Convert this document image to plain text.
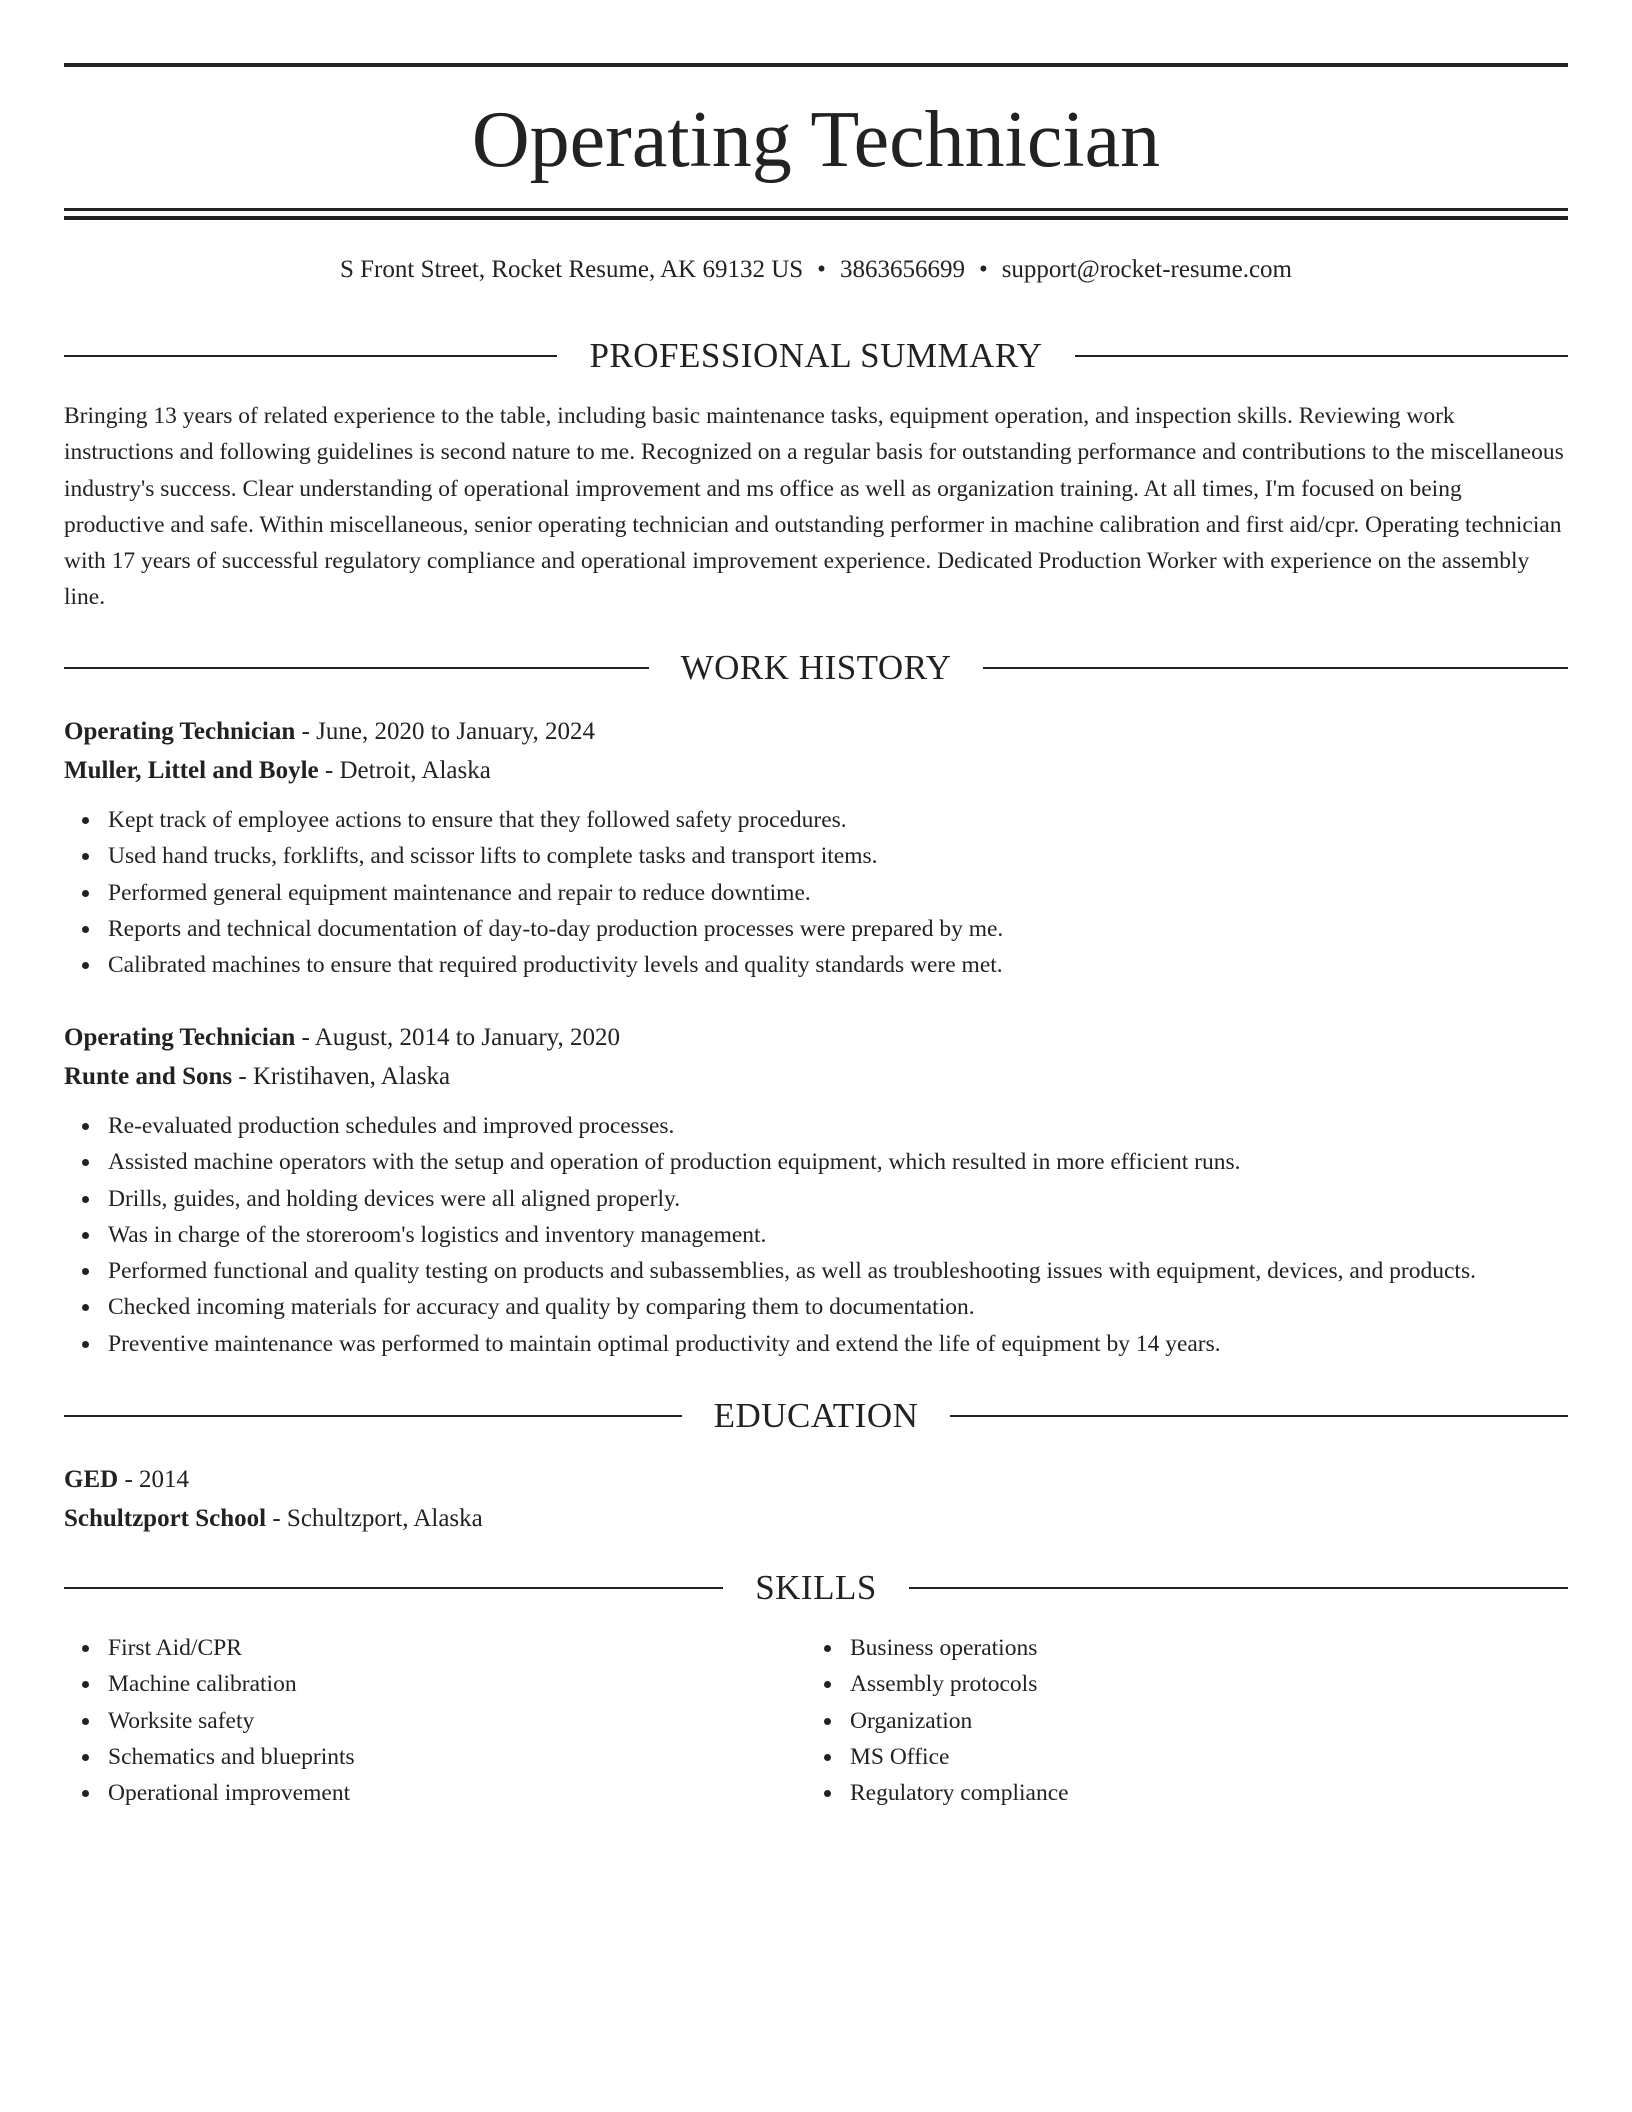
Operating Technician
S Front Street, Rocket Resume, AK 69132 US • 3863656699 • support@rocket-resume.com
PROFESSIONAL SUMMARY

Bringing 13 years of related experience to the table, including basic maintenance tasks, equipment operation, and inspection skills. Reviewing work instructions and following guidelines is second nature to me. Recognized on a regular basis for outstanding performance and contributions to the miscellaneous industry's success. Clear understanding of operational improvement and ms office as well as organization training. At all times, I'm focused on being productive and safe. Within miscellaneous, senior operating technician and outstanding performer in machine calibration and first aid/cpr. Operating technician with 17 years of successful regulatory compliance and operational improvement experience. Dedicated Production Worker with experience on the assembly line.

WORK HISTORY
Operating Technician - June, 2020 to January, 2024
Muller, Littel and Boyle - Detroit, Alaska
Kept track of employee actions to ensure that they followed safety procedures.
Used hand trucks, forklifts, and scissor lifts to complete tasks and transport items.
Performed general equipment maintenance and repair to reduce downtime.
Reports and technical documentation of day-to-day production processes were prepared by me.
Calibrated machines to ensure that required productivity levels and quality standards were met.
Operating Technician - August, 2014 to January, 2020
Runte and Sons - Kristihaven, Alaska
Re-evaluated production schedules and improved processes.
Assisted machine operators with the setup and operation of production equipment, which resulted in more efficient runs.
Drills, guides, and holding devices were all aligned properly.
Was in charge of the storeroom's logistics and inventory management.
Performed functional and quality testing on products and subassemblies, as well as troubleshooting issues with equipment, devices, and products.
Checked incoming materials for accuracy and quality by comparing them to documentation.
Preventive maintenance was performed to maintain optimal productivity and extend the life of equipment by 14 years.
EDUCATION
GED - 2014
Schultzport School - Schultzport, Alaska
SKILLS
First Aid/CPR
Machine calibration
Worksite safety
Schematics and blueprints
Operational improvement
Business operations
Assembly protocols
Organization
MS Office
Regulatory compliance
